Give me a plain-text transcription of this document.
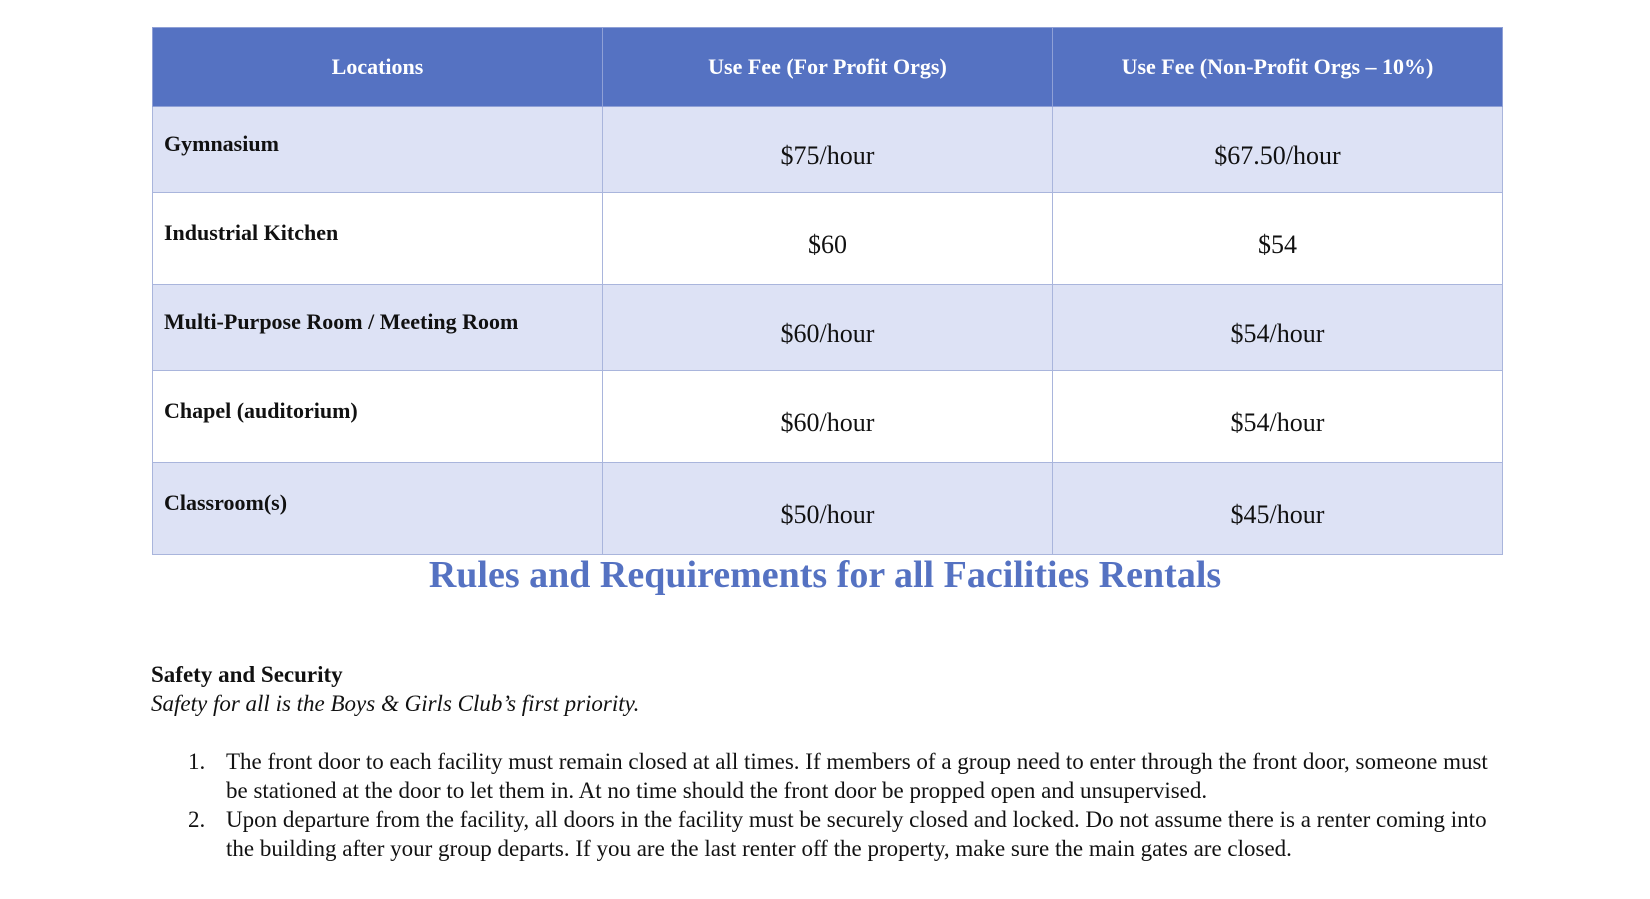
Locations	Use Fee (For Profit Orgs)	Use Fee (Non-Profit Orgs – 10%)
Gymnasium	$75/hour	$67.50/hour
Industrial Kitchen	$60	$54
Multi-Purpose Room / Meeting Room	$60/hour	$54/hour
Chapel (auditorium)	$60/hour	$54/hour
Classroom(s)	$50/hour	$45/hour
Rules and Requirements for all Facilities Rentals

Safety and Security

Safety for all is the Boys & Girls Club’s first priority.

1. The front door to each facility must remain closed at all times. If members of a group need to enter through the front door, someone must be stationed at the door to let them in. At no time should the front door be propped open and unsupervised.
2. Upon departure from the facility, all doors in the facility must be securely closed and locked. Do not assume there is a renter coming into the building after your group departs. If you are the last renter off the property, make sure the main gates are closed.
